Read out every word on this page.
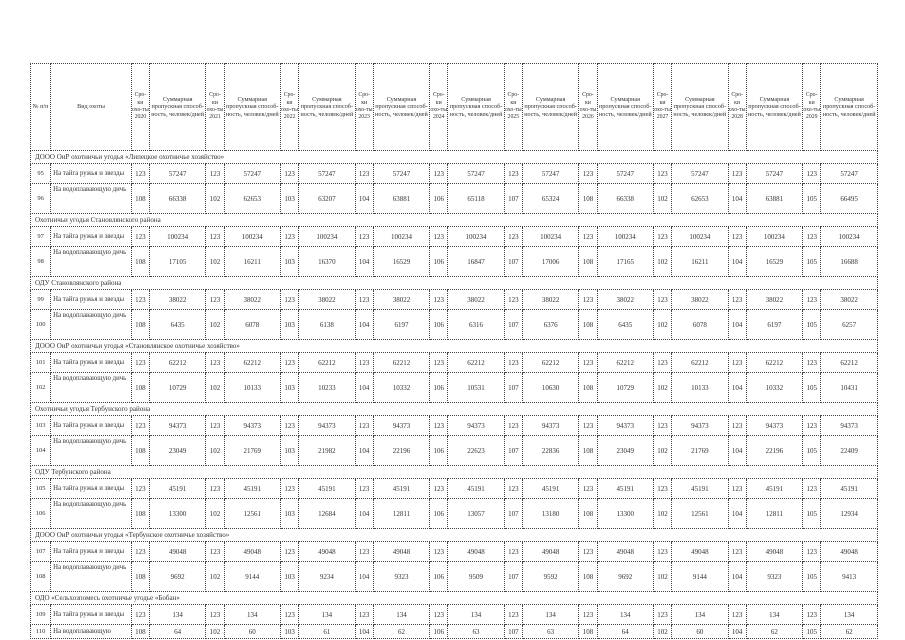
№ п/п	Вид охоты	Сро-ки охо-ты 2020	Суммарная пропускная способ-ность, человек/дней	Сро-ки охо-ты 2021	Суммарная пропускная способ-ность, человек/дней	Сро-ки охо-ты 2022	Суммарная пропускная способ-ность, человек/дней	Сро-ки охо-ты 2023	Суммарная пропускная способ-ность, человек/дней	Сро-ки охо-ты 2024	Суммарная пропускная способ-ность, человек/дней	Сро-ки охо-ты 2025	Суммарная пропускная способ-ность, человек/дней	Сро-ки охо-ты 2026	Суммарная пропускная способ-ность, человек/дней	Сро-ки охо-ты 2027	Суммарная пропускная способ-ность, человек/дней	Сро-ки охо-ты 2028	Суммарная пропускная способ-ность, человек/дней	Сро-ки охо-ты 2029	Суммарная пропускная способ-ность, человек/дней
ДООО ОиР охотничьи угодья «Липецкое охотничье хозяйство»																					
95	На тайга ружья и звезды	123	57247	123	57247	123	57247	123	57247	123	57247	123	57247	123	57247	123	57247	123	57247	123	57247
96	На водоплавающую дичь	108	66338	102	62653	103	63207	104	63881	106	65118	107	65324	108	66338	102	62653	104	63881	105	66495
Охотничьи угодья Становлянского района																					
97	На тайга ружья и звезды	123	100234	123	100234	123	100234	123	100234	123	100234	123	100234	123	100234	123	100234	123	100234	123	100234
98	На водоплавающую дичь	108	17105	102	16211	103	16370	104	16529	106	16847	107	17006	108	17165	102	16211	104	16529	105	16688
ОДУ Становлянского района																					
99	На тайга ружья и звезды	123	38022	123	38022	123	38022	123	38022	123	38022	123	38022	123	38022	123	38022	123	38022	123	38022
100	На водоплавающую дичь	108	6435	102	6078	103	6138	104	6197	106	6316	107	6376	108	6435	102	6078	104	6197	105	6257
ДООО ОиР охотничьи угодья «Становлянское охотничье хозяйство»																					
101	На тайга ружья и звезды	123	62212	123	62212	123	62212	123	62212	123	62212	123	62212	123	62212	123	62212	123	62212	123	62212
102	На водоплавающую дичь	108	10729	102	10133	103	10233	104	10332	106	10531	107	10630	108	10729	102	10133	104	10332	105	10431
Охотничьи угодья Тербунского района																					
103	На тайга ружья и звезды	123	94373	123	94373	123	94373	123	94373	123	94373	123	94373	123	94373	123	94373	123	94373	123	94373
104	На водоплавающую дичь	108	23049	102	21769	103	21982	104	22196	106	22623	107	22836	108	23049	102	21769	104	22196	105	22409
ОДУ Тербунского района																					
105	На тайга ружья и звезды	123	45191	123	45191	123	45191	123	45191	123	45191	123	45191	123	45191	123	45191	123	45191	123	45191
106	На водоплавающую дичь	108	13300	102	12561	103	12684	104	12811	106	13057	107	13180	108	13300	102	12561	104	12811	105	12934
ДООО ОиР охотничьи угодья «Тербунское охотничье хозяйство»																					
107	На тайга ружья и звезды	123	49048	123	49048	123	49048	123	49048	123	49048	123	49048	123	49048	123	49048	123	49048	123	49048
108	На водоплавающую дичь	108	9692	102	9144	103	9234	104	9323	106	9509	107	9592	108	9692	102	9144	104	9323	105	9413
ОДО «Сельхозпомесь охотничье угодье «Бобан»																					
109	На тайга ружья и звезды	123	134	123	134	123	134	123	134	123	134	123	134	123	134	123	134	123	134	123	134
110	На водоплавающую	108	64	102	60	103	61	104	62	106	63	107	63	108	64	102	60	104	62	105	62
